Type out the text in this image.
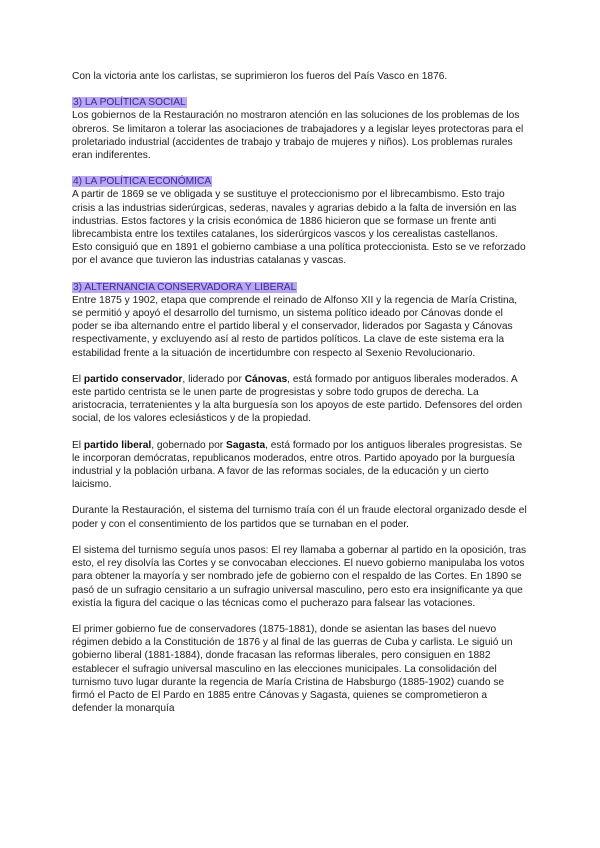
Con la victoria ante los carlistas, se suprimieron los fueros del País Vasco en 1876.

3) LA POLÍTICA SOCIAL

Los gobiernos de la Restauración no mostraron atención en las soluciones de los problemas de los obreros. Se limitaron a tolerar las asociaciones de trabajadores y a legislar leyes protectoras para el proletariado industrial (accidentes de trabajo y trabajo de mujeres y niños). Los problemas rurales eran indiferentes.

4) LA POLÍTICA ECONÓMICA

A partir de 1869 se ve obligada y se sustituye el proteccionismo por el librecambismo. Esto trajo crisis a las industrias siderúrgicas, sederas, navales y agrarias debido a la falta de inversión en las industrias. Estos factores y la crisis económica de 1886 hicieron que se formase un frente anti librecambista entre los textiles catalanes, los siderúrgicos vascos y los cerealistas castellanos.

Esto consiguió que en 1891 el gobierno cambiase a una política proteccionista. Esto se ve reforzado por el avance que tuvieron las industrias catalanas y vascas.

3) ALTERNANCIA CONSERVADORA Y LIBERAL

Entre 1875 y 1902, etapa que comprende el reinado de Alfonso XII y la regencia de María Cristina, se permitió y apoyó el desarrollo del turnismo, un sistema político ideado por Cánovas donde el poder se iba alternando entre el partido liberal y el conservador, liderados por Sagasta y Cánovas respectivamente, y excluyendo así al resto de partidos políticos. La clave de este sistema era la estabilidad frente a la situación de incertidumbre con respecto al Sexenio Revolucionario.

El partido conservador, liderado por Cánovas, está formado por antiguos liberales moderados. A este partido centrista se le unen parte de progresistas y sobre todo grupos de derecha. La aristocracia, terratenientes y la alta burguesía son los apoyos de este partido. Defensores del orden social, de los valores eclesiásticos y de la propiedad.

El partido liberal, gobernado por Sagasta, está formado por los antiguos liberales progresistas. Se le incorporan demócratas, republicanos moderados, entre otros. Partido apoyado por la burguesía industrial y la población urbana. A favor de las reformas sociales, de la educación y un cierto laicismo.

Durante la Restauración, el sistema del turnismo traía con él un fraude electoral organizado desde el poder y con el consentimiento de los partidos que se turnaban en el poder.

El sistema del turnismo seguía unos pasos: El rey llamaba a gobernar al partido en la oposición, tras esto, el rey disolvía las Cortes y se convocaban elecciones. El nuevo gobierno manipulaba los votos para obtener la mayoría y ser nombrado jefe de gobierno con el respaldo de las Cortes. En 1890 se pasó de un sufragio censitario a un sufragio universal masculino, pero esto era insignificante ya que existía la figura del cacique o las técnicas como el pucherazo para falsear las votaciones.

El primer gobierno fue de conservadores (1875-1881), donde se asientan las bases del nuevo régimen debido a la Constitución de 1876 y al final de las guerras de Cuba y carlista. Le siguió un gobierno liberal (1881-1884), donde fracasan las reformas liberales, pero consiguen en 1882 establecer el sufragio universal masculino en las elecciones municipales. La consolidación del turnismo tuvo lugar durante la regencia de María Cristina de Habsburgo (1885-1902) cuando se firmó el Pacto de El Pardo en 1885 entre Cánovas y Sagasta, quienes se comprometieron a defender la monarquía
